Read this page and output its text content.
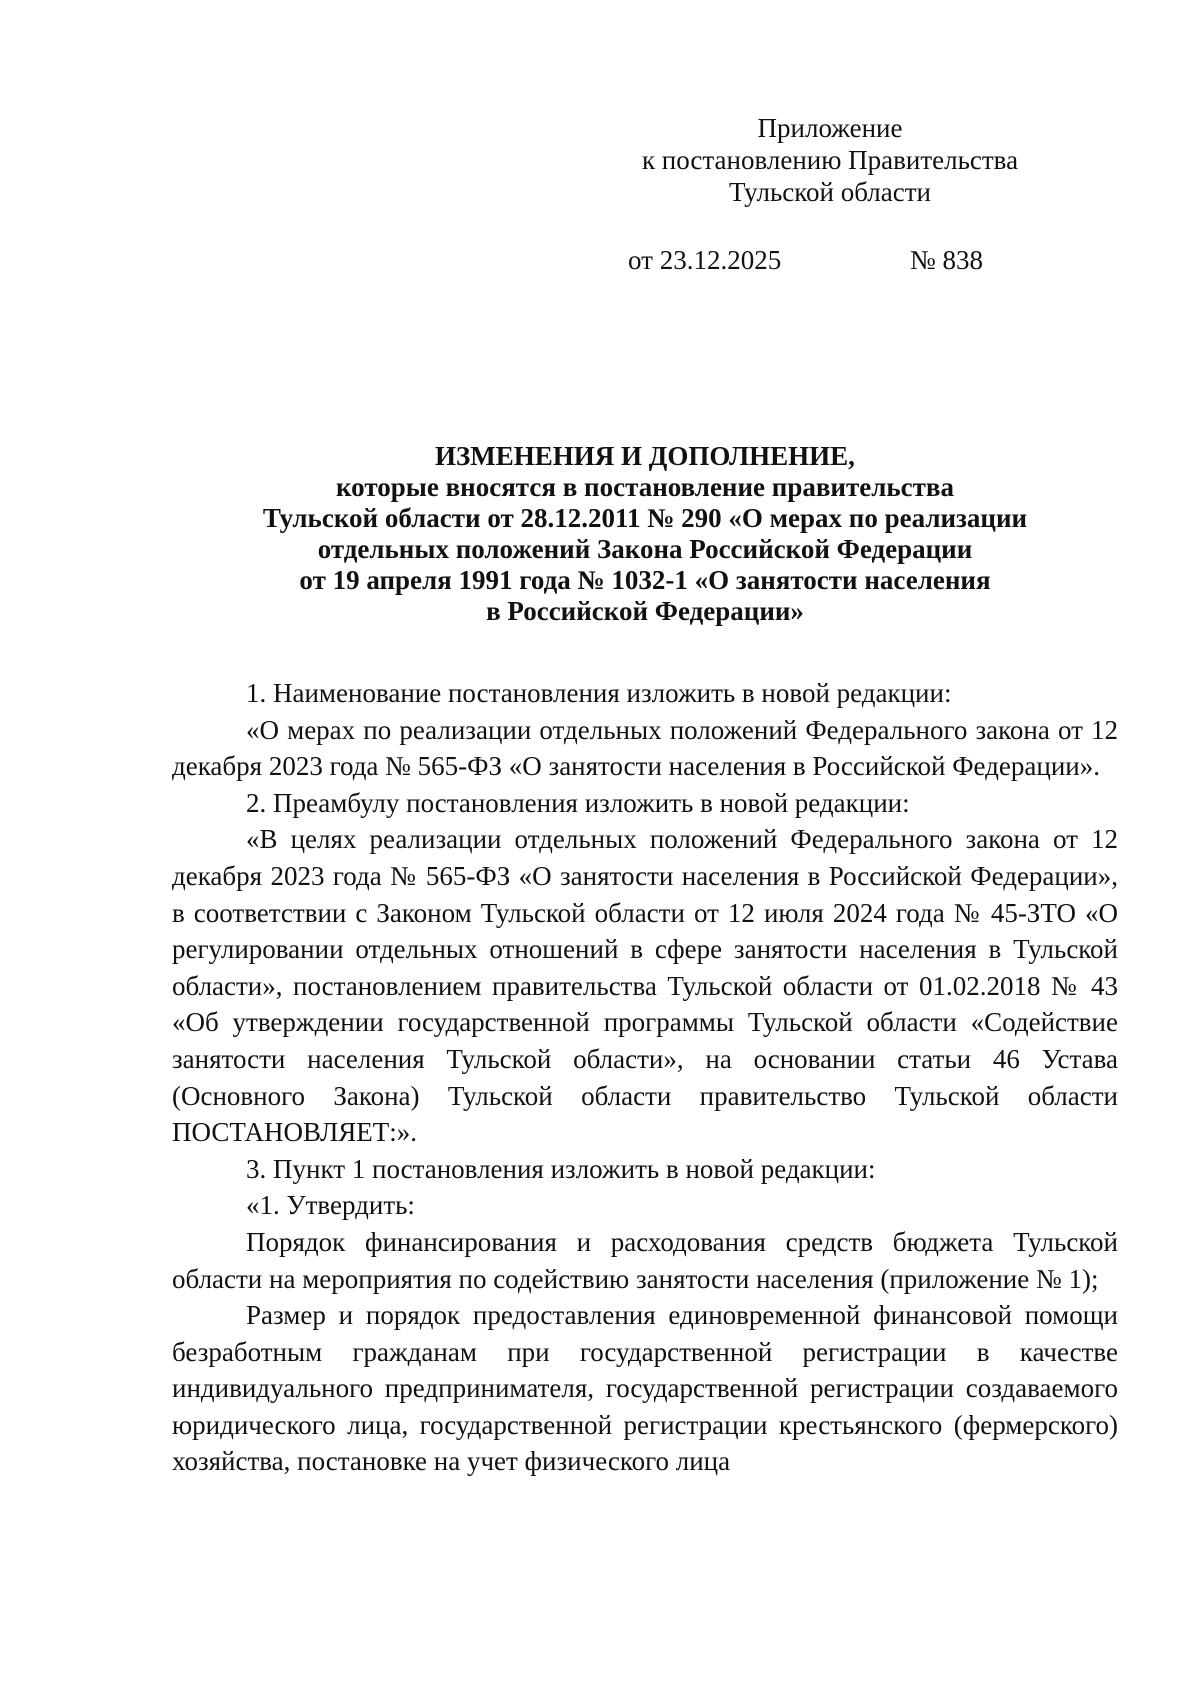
Приложение
к постановлению Правительства
Тульской области
от 23.12.2025	№ 838
ИЗМЕНЕНИЯ И ДОПОЛНЕНИЕ,
которые вносятся в постановление правительства
Тульской области от 28.12.2011 № 290 «О мерах по реализации
отдельных положений Закона Российской Федерации
от 19 апреля 1991 года № 1032-1 «О занятости населения
в Российской Федерации»

1. Наименование постановления изложить в новой редакции:

«О мерах по реализации отдельных положений Федерального закона от 12 декабря 2023 года № 565-ФЗ «О занятости населения в Российской Федерации».

2. Преамбулу постановления изложить в новой редакции:

«В целях реализации отдельных положений Федерального закона от 12 декабря 2023 года № 565-ФЗ «О занятости населения в Российской Федерации», в соответствии с Законом Тульской области от 12 июля 2024 года № 45-ЗТО «О регулировании отдельных отношений в сфере занятости населения в Тульской области», постановлением правительства Тульской области от 01.02.2018 № 43 «Об утверждении государственной программы Тульской области «Содействие занятости населения Тульской области», на основании статьи 46 Устава (Основного Закона) Тульской области правительство Тульской области ПОСТАНОВЛЯЕТ:».

3. Пункт 1 постановления изложить в новой редакции:

«1. Утвердить:

Порядок финансирования и расходования средств бюджета Тульской области на мероприятия по содействию занятости населения (приложение № 1);

Размер и порядок предоставления единовременной финансовой помощи безработным гражданам при государственной регистрации в качестве индивидуального предпринимателя, государственной регистрации создаваемого юридического лица, государственной регистрации крестьянского (фермерского) хозяйства, постановке на учет физического лица
